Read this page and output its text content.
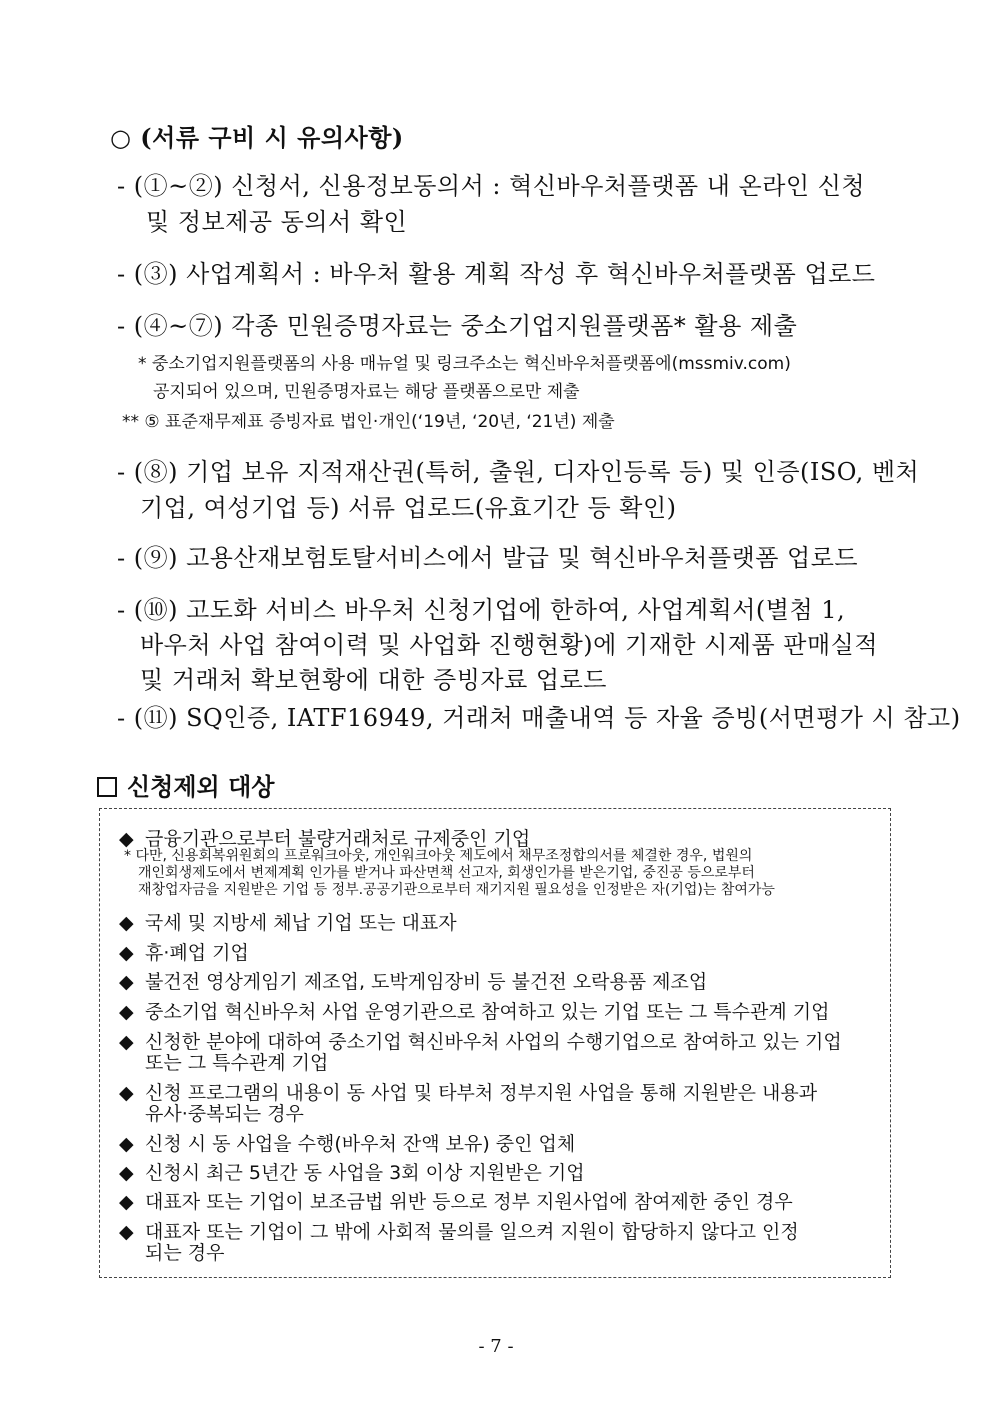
○ (서류 구비 시 유의사항)
- (①~②) 신청서, 신용정보동의서 : 혁신바우처플랫폼 내 온라인 신청
및 정보제공 동의서 확인
- (③) 사업계획서 : 바우처 활용 계획 작성 후 혁신바우처플랫폼 업로드
- (④~⑦) 각종 민원증명자료는 중소기업지원플랫폼* 활용 제출
* 중소기업지원플랫폼의 사용 매뉴얼 및 링크주소는 혁신바우처플랫폼에(mssmiv.com)
공지되어 있으며, 민원증명자료는 해당 플랫폼으로만 제출
** ⑤ 표준재무제표 증빙자료 법인·개인(‘19년, ‘20년, ‘21년) 제출
- (⑧) 기업 보유 지적재산권(특허, 출원, 디자인등록 등) 및 인증(ISO, 벤처
기업, 여성기업 등) 서류 업로드(유효기간 등 확인)
- (⑨) 고용산재보험토탈서비스에서 발급 및 혁신바우처플랫폼 업로드
- (⑩) 고도화 서비스 바우처 신청기업에 한하여, 사업계획서(별첨 1,
바우처 사업 참여이력 및 사업화 진행현황)에 기재한 시제품 판매실적
및 거래처 확보현황에 대한 증빙자료 업로드
- (⑪) SQ인증, IATF16949, 거래처 매출내역 등 자율 증빙(서면평가 시 참고)
신청제외 대상
◆ 금융기관으로부터 불량거래처로 규제중인 기업
* 다만, 신용회복위원회의 프로워크아웃, 개인워크아웃 제도에서 채무조정합의서를 체결한 경우, 법원의
개인회생제도에서 변제계획 인가를 받거나 파산면책 선고자, 회생인가를 받은기업, 중진공 등으로부터
재창업자금을 지원받은 기업 등 정부.공공기관으로부터 재기지원 필요성을 인정받은 자(기업)는 참여가능
◆ 국세 및 지방세 체납 기업 또는 대표자
◆ 휴·폐업 기업
◆ 불건전 영상게임기 제조업, 도박게임장비 등 불건전 오락용품 제조업
◆ 중소기업 혁신바우처 사업 운영기관으로 참여하고 있는 기업 또는 그 특수관계 기업
◆ 신청한 분야에 대하여 중소기업 혁신바우처 사업의 수행기업으로 참여하고 있는 기업
또는 그 특수관계 기업
◆ 신청 프로그램의 내용이 동 사업 및 타부처 정부지원 사업을 통해 지원받은 내용과
유사·중복되는 경우
◆ 신청 시 동 사업을 수행(바우처 잔액 보유) 중인 업체
◆ 신청시 최근 5년간 동 사업을 3회 이상 지원받은 기업
◆ 대표자 또는 기업이 보조금법 위반 등으로 정부 지원사업에 참여제한 중인 경우
◆ 대표자 또는 기업이 그 밖에 사회적 물의를 일으켜 지원이 합당하지 않다고 인정
되는 경우
- 7 -
